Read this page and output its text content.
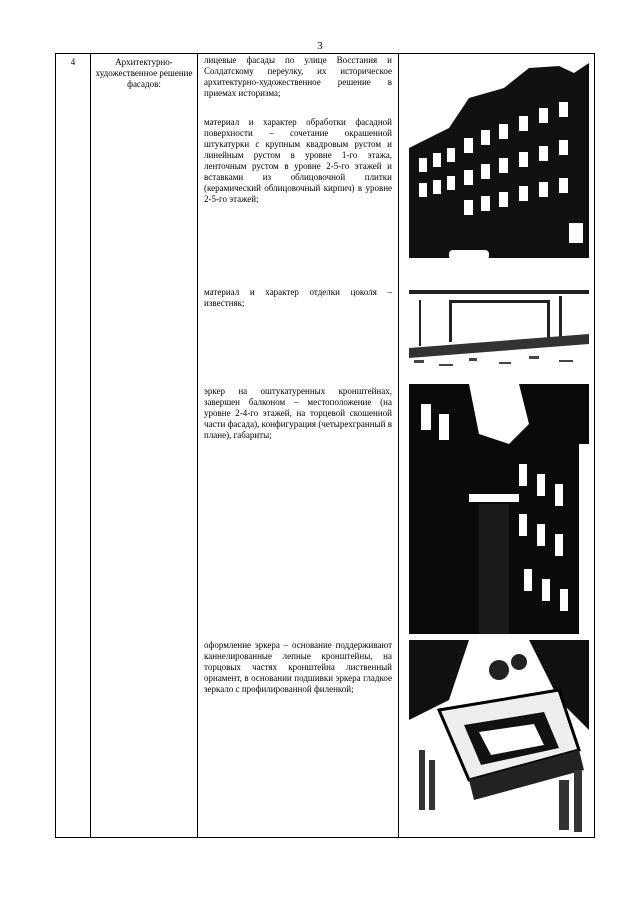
3
4	Архитектурно-художественное решение фасадов:	
лицевые фасады по улице Восстания и Солдатскому переулку, их историческое архитектурно-художественное решение в приемах историзма;
материал и характер обработки фасадной поверхности – сочетание окрашенной штукатурки с крупным квадровым рустом и линейным рустом в уровне 1-го этажа, ленточным рустом в уровне 2-5-го этажей и вставками из облицовочной плитки (керамический облицовочный кирпич) в уровне 2-5-го этажей;
материал и характер отделки цоколя – известняк;
эркер на оштукатуренных кронштейнах, завершен балконом – местоположение (на уровне 2-4-го этажей, на торцевой скошенной части фасада), конфигурация (четырехгранный в плане), габариты;
оформление эркера – основание поддерживают каннелированные лепные кронштейны, на торцовых частях кронштейна лиственный орнамент, в основании подшивки эркера гладкое зеркало с профилированной филенкой;
